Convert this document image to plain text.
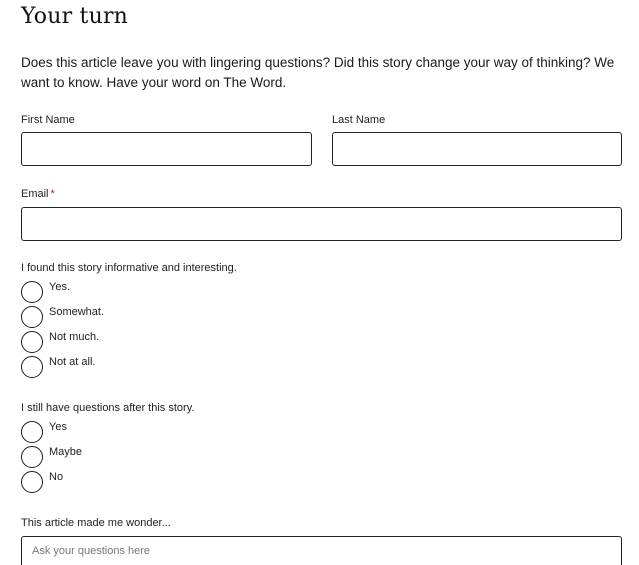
Your turn

Does this article leave you with lingering questions? Did this story change your way of thinking? We want to know. Have your word on The Word.

First Name	Last Name
Email *

I found this story informative and interesting.

Yes.
Somewhat.
Not much.
Not at all.

I still have questions after this story.

Yes
Maybe
No
This article made me wonder...
Ask your questions here
